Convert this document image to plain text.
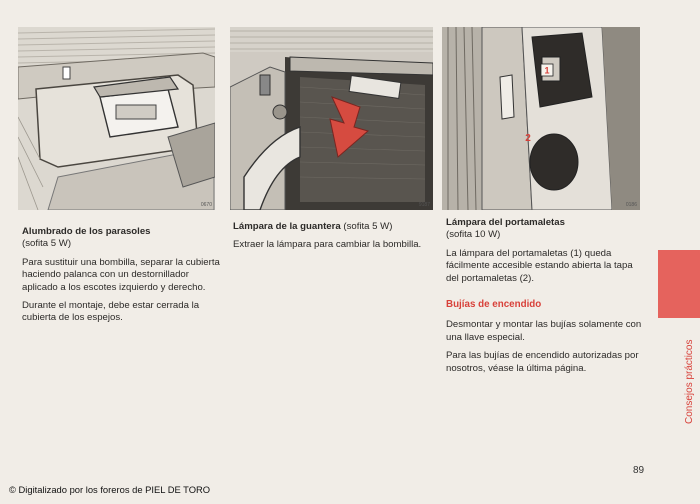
0670	9187
1
2
0186
Alumbrado de los parasoles
(sofita 5 W)

Para sustituir una bombilla, separar la cubierta haciendo palanca con un destornillador aplicado a los escotes izquierdo y derecho.

Durante el montaje, debe estar cerrada la cubierta de los espejos.

Lámpara de la guantera (sofita 5 W)

Extraer la lámpara para cambiar la bombilla.

Lámpara del portamaletas
(sofita 10 W)

La lámpara del portamaletas (1) queda fácilmente accesible estando abierta la tapa del portamaletas (2).

Bujías de encendido

Desmontar y montar las bujías solamente con una llave especial.

Para las bujías de encendido autorizadas por nosotros, véase la última página.	Consejos prácticos
89
© Digitalizado por los foreros de PIEL DE TORO
